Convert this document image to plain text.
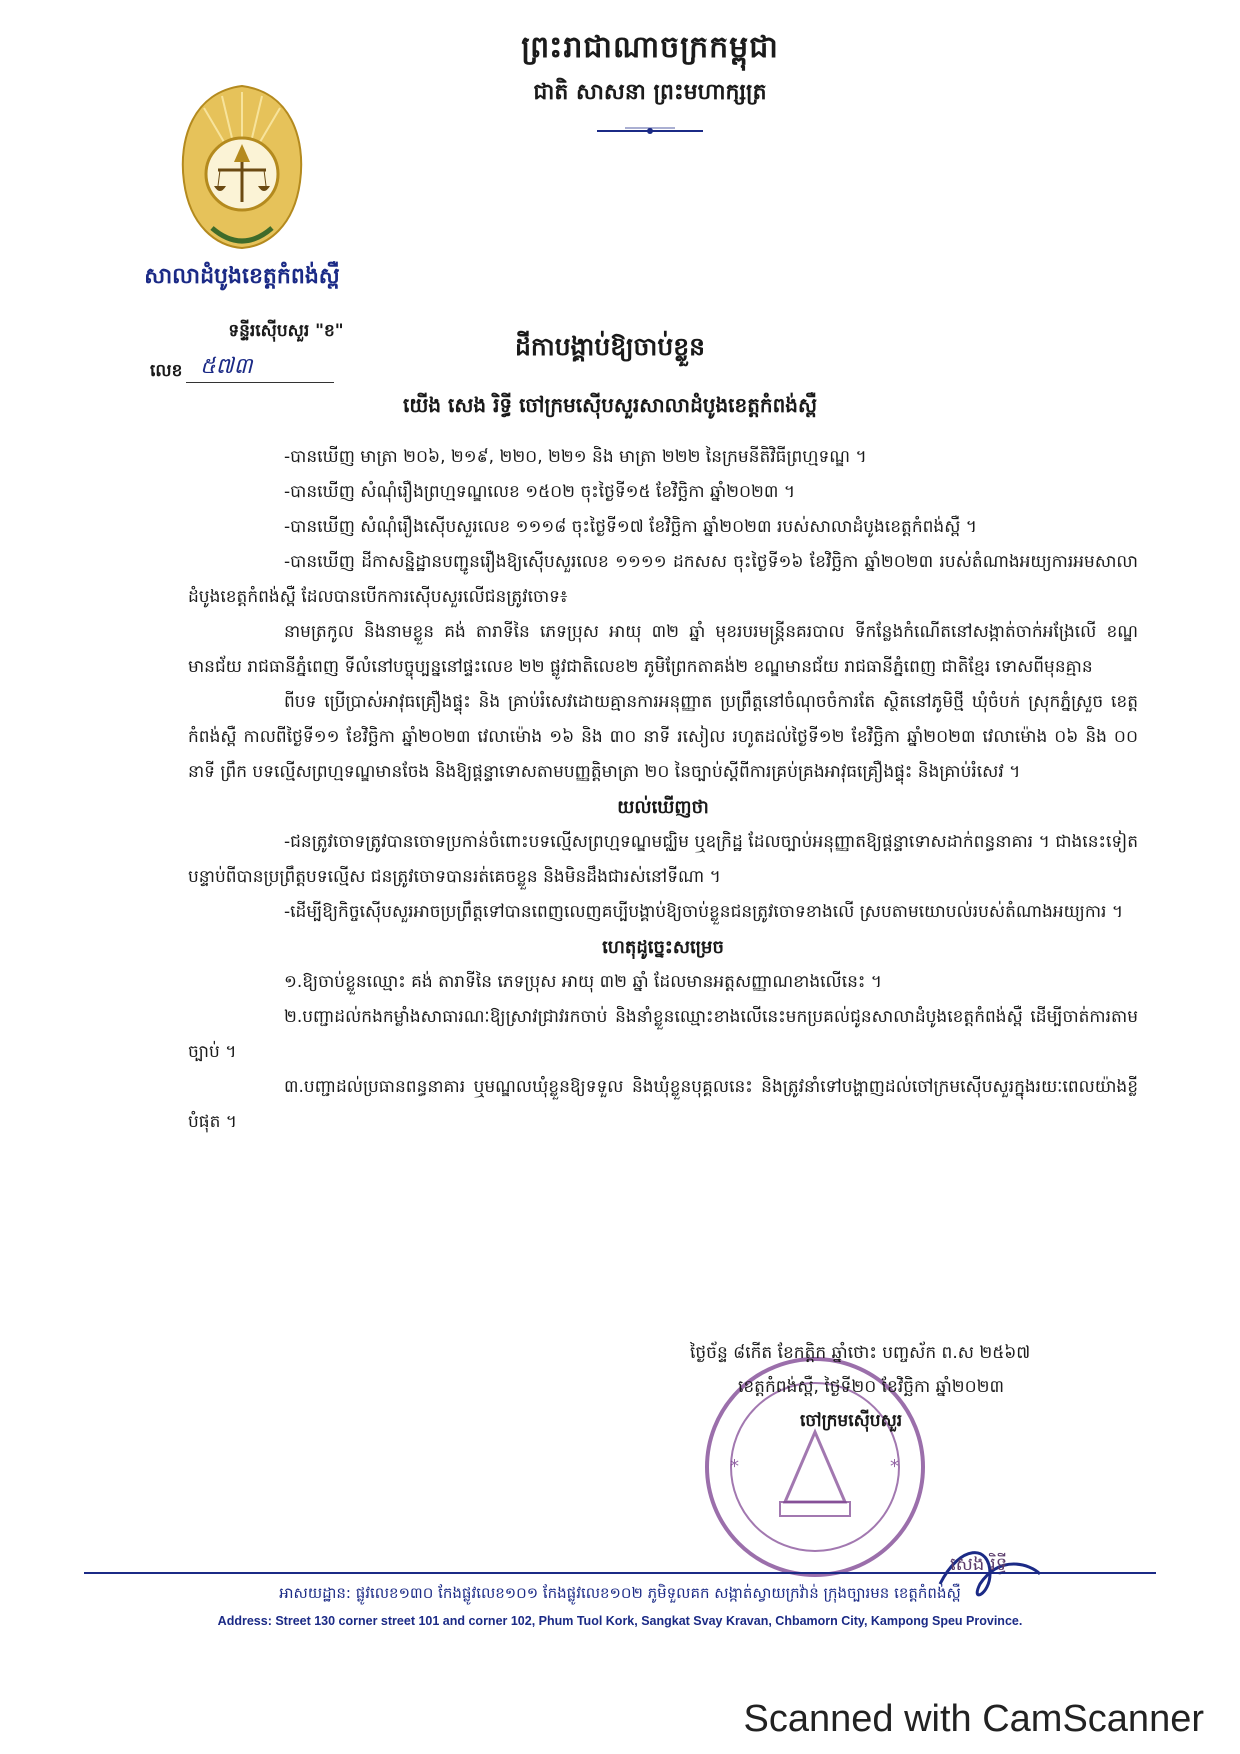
ព្រះរាជាណាចក្រកម្ពុជា
ជាតិ សាសនា ព្រះមហាក្សត្រ
សាលាដំបូងខេត្តកំពង់ស្ពឺ
ទន្ទីរស៊ើបសួរ "ខ"
លេខ ៥៧៣
ដីកាបង្គាប់ឱ្យចាប់ខ្លួន
យើង សេង រិទ្ធី ចៅក្រមស៊ើបសួរសាលាដំបូងខេត្តកំពង់ស្ពឺ

-បានឃើញ មាត្រា ២០៦, ២១៩, ២២០, ២២១ និង មាត្រា ២២២ នៃក្រមនីតិវិធីព្រហ្មទណ្ឌ ។

-បានឃើញ សំណុំរឿងព្រហ្មទណ្ឌលេខ ១៥០២ ចុះថ្ងៃទី១៥ ខែវិច្ឆិកា ឆ្នាំ២០២៣ ។

-បានឃើញ សំណុំរឿងស៊ើបសួរលេខ ១១១៨ ចុះថ្ងៃទី១៧ ខែវិច្ឆិកា ឆ្នាំ២០២៣ របស់សាលាដំបូងខេត្តកំពង់ស្ពឺ ។

-បានឃើញ ដីកាសន្និដ្ឋានបញ្ជូនរឿងឱ្យស៊ើបសួរលេខ ១១១១ ដកសស ចុះថ្ងៃទី១៦ ខែវិច្ឆិកា ឆ្នាំ២០២៣ របស់តំណាងអយ្យការអមសាលាដំបូងខេត្តកំពង់ស្ពឺ ដែលបានបើកការស៊ើបសួរលើជនត្រូវចោទ៖

នាមត្រកូល និងនាមខ្លួន គង់ តារាទីនៃ ភេទប្រុស អាយុ ៣២ ឆ្នាំ មុខរបរមន្ត្រីនគរបាល ទីកន្លែងកំណើតនៅសង្កាត់ចាក់អង្រែលើ ខណ្ឌមានជ័យ រាជធានីភ្នំពេញ ទីលំនៅបច្ចុប្បន្ននៅផ្ទះលេខ ២២ ផ្លូវជាតិលេខ២ ភូមិព្រែកតាគង់២ ខណ្ឌមានជ័យ រាជធានីភ្នំពេញ ជាតិខ្មែរ ទោសពីមុនគ្មាន

ពីបទ ប្រើប្រាស់អាវុធគ្រឿងផ្ទុះ និង គ្រាប់រំសេវដោយគ្មានការអនុញ្ញាត ប្រព្រឹត្តនៅចំណុចចំការតែ ស្ថិតនៅភូមិថ្មី ឃុំចំបក់ ស្រុកភ្នំស្រួច ខេត្តកំពង់ស្ពឺ កាលពីថ្ងៃទី១១ ខែវិច្ឆិកា ឆ្នាំ២០២៣ វេលាម៉ោង ១៦ និង ៣០ នាទី រសៀល រហូតដល់ថ្ងៃទី១២ ខែវិច្ឆិកា ឆ្នាំ២០២៣ វេលាម៉ោង ០៦ និង ០០ នាទី ព្រឹក បទល្មើសព្រហ្មទណ្ឌមានចែង និងឱ្យផ្តន្ទាទោសតាមបញ្ញត្តិមាត្រា ២០ នៃច្បាប់ស្តីពីការគ្រប់គ្រងអាវុធគ្រឿងផ្ទុះ និងគ្រាប់រំសេវ ។

យល់ឃើញថា

-ជនត្រូវចោទត្រូវបានចោទប្រកាន់ចំពោះបទល្មើសព្រហ្មទណ្ឌមជ្ឈិម ឬឧក្រិដ្ឋ ដែលច្បាប់អនុញ្ញាតឱ្យផ្តន្ទាទោសដាក់ពន្ធនាគារ ។ ជាងនេះទៀត បន្ទាប់ពីបានប្រព្រឹត្តបទល្មើស ជនត្រូវចោទបានរត់គេចខ្លួន និងមិនដឹងជារស់នៅទីណា ។

-ដើម្បីឱ្យកិច្ចស៊ើបសួរអាចប្រព្រឹត្តទៅបានពេញលេញគប្បីបង្គាប់ឱ្យចាប់ខ្លួនជនត្រូវចោទខាងលើ ស្របតាមយោបល់របស់តំណាងអយ្យការ ។

ហេតុដូច្នេះសម្រេច

១.ឱ្យចាប់ខ្លួនឈ្មោះ គង់ តារាទីនៃ ភេទប្រុស អាយុ ៣២ ឆ្នាំ ដែលមានអត្តសញ្ញាណខាងលើនេះ ។

២.បញ្ជាដល់កងកម្លាំងសាធារណៈឱ្យស្រាវជ្រាវរកចាប់ និងនាំខ្លួនឈ្មោះខាងលើនេះមកប្រគល់ជូនសាលាដំបូងខេត្តកំពង់ស្ពឺ ដើម្បីចាត់ការតាមច្បាប់ ។

៣.បញ្ជាដល់ប្រធានពន្ធនាគារ ឬមណ្ឌលឃុំខ្លួនឱ្យទទួល និងឃុំខ្លួនបុគ្គលនេះ និងត្រូវនាំទៅបង្ហាញដល់ចៅក្រមស៊ើបសួរក្នុងរយៈពេលយ៉ាងខ្លីបំផុត ។

*	*
ថ្ងៃច័ន្ទ ៨កើត ខែកត្តិក ឆ្នាំថោះ បញ្ចស័ក ព.ស ២៥៦៧
ខេត្តកំពង់ស្ពឺ, ថ្ងៃទី២០ ខែវិច្ឆិកា ឆ្នាំ២០២៣
ចៅក្រមស៊ើបសួរ
សេង រិទ្ធី
អាសយដ្ឋាន: ផ្លូវលេខ១៣០ កែងផ្លូវលេខ១០១ កែងផ្លូវលេខ១០២ ភូមិទួលគក សង្កាត់ស្វាយក្រវ៉ាន់ ក្រុងច្បារមន ខេត្តកំពង់ស្ពឺ
Address: Street 130 corner street 101 and corner 102, Phum Tuol Kork, Sangkat Svay Kravan, Chbamorn City, Kampong Speu Province.
Scanned with CamScanner
